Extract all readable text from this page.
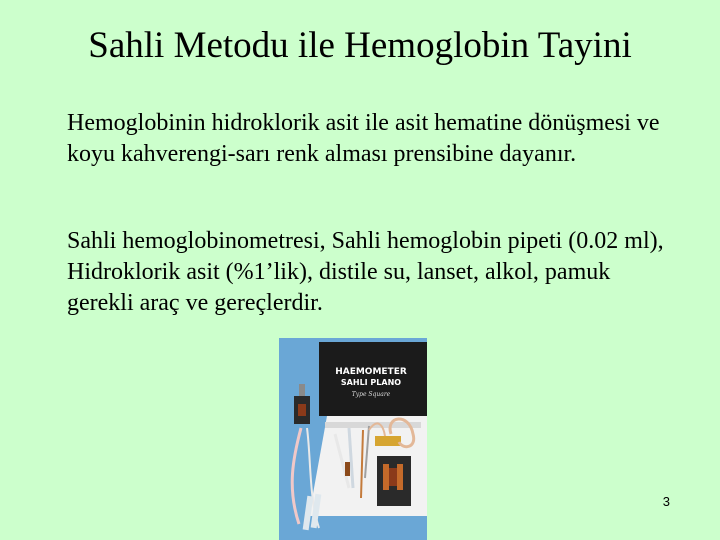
Sahli Metodu ile Hemoglobin Tayini
Hemoglobinin hidroklorik asit ile asit hematine dönüşmesi ve koyu kahverengi-sarı renk alması prensibine dayanır.
Sahli hemoglobinometresi, Sahli hemoglobin pipeti (0.02 ml), Hidroklorik asit (%1’lik), distile su, lanset, alkol, pamuk gerekli araç ve gereçlerdir.
HAEMOMETER
SAHLI PLANO
Type Square
3
